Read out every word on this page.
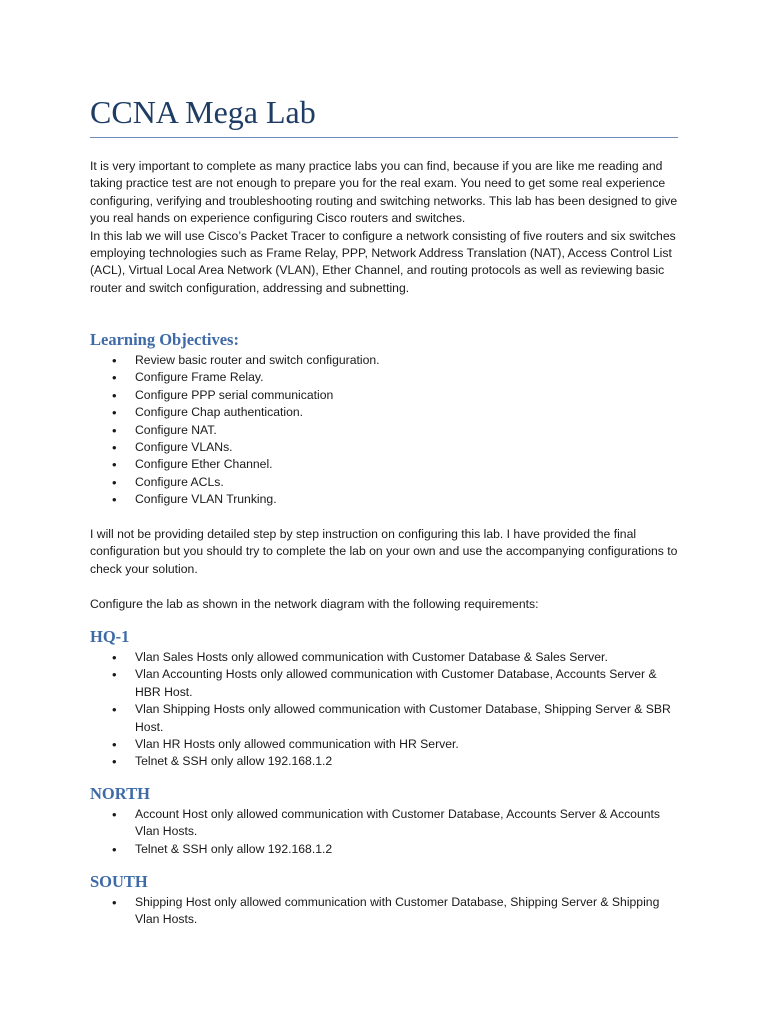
CCNA Mega Lab

It is very important to complete as many practice labs you can find, because if you are like me reading and taking practice test are not enough to prepare you for the real exam. You need to get some real experience configuring, verifying and troubleshooting routing and switching networks. This lab has been designed to give you real hands on experience configuring Cisco routers and switches.

In this lab we will use Cisco’s Packet Tracer to configure a network consisting of five routers and six switches employing technologies such as Frame Relay, PPP, Network Address Translation (NAT), Access Control List (ACL), Virtual Local Area Network (VLAN), Ether Channel, and routing protocols as well as reviewing basic router and switch configuration, addressing and subnetting.

Learning Objectives:
• Review basic router and switch configuration.
• Configure Frame Relay.
• Configure PPP serial communication
• Configure Chap authentication.
• Configure NAT.
• Configure VLANs.
• Configure Ether Channel.
• Configure ACLs.
• Configure VLAN Trunking.

I will not be providing detailed step by step instruction on configuring this lab. I have provided the final configuration but you should try to complete the lab on your own and use the accompanying configurations to check your solution.

Configure the lab as shown in the network diagram with the following requirements:

HQ-1
• Vlan Sales Hosts only allowed communication with Customer Database & Sales Server.
• Vlan Accounting Hosts only allowed communication with Customer Database, Accounts Server & HBR Host.
• Vlan Shipping Hosts only allowed communication with Customer Database, Shipping Server & SBR Host.
• Vlan HR Hosts only allowed communication with HR Server.
• Telnet & SSH only allow 192.168.1.2
NORTH
• Account Host only allowed communication with Customer Database, Accounts Server & Accounts Vlan Hosts.
• Telnet & SSH only allow 192.168.1.2
SOUTH
• Shipping Host only allowed communication with Customer Database, Shipping Server & Shipping Vlan Hosts.
